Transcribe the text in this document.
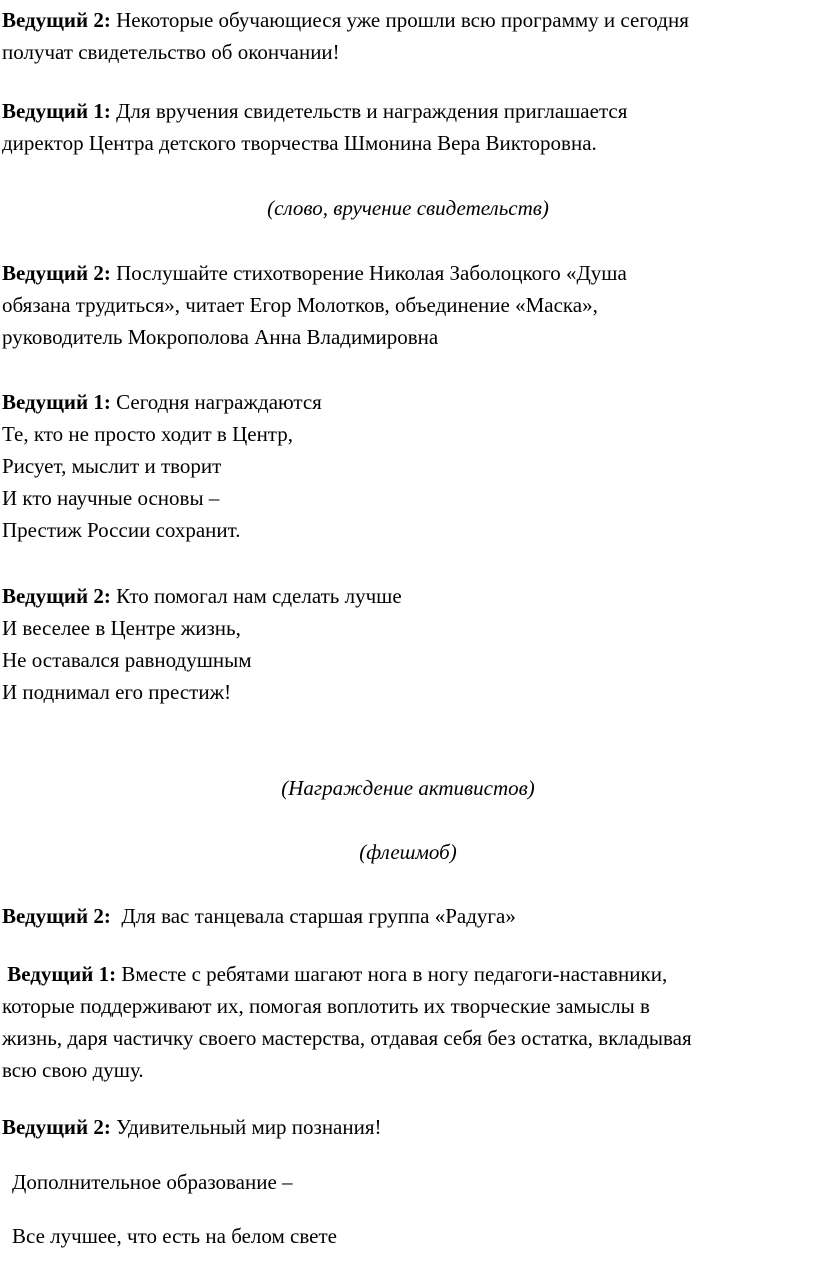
Ведущий 2: Некоторые обучающиеся уже прошли всю программу и сегодня
получат свидетельство об окончании!

Ведущий 1: Для вручения свидетельств и награждения приглашается
директор Центра детского творчества Шмонина Вера Викторовна.

(слово, вручение свидетельств)

Ведущий 2: Послушайте стихотворение Николая Заболоцкого «Душа
обязана трудиться», читает Егор Молотков, объединение «Маска»,
руководитель Мокрополова Анна Владимировна

Ведущий 1: Сегодня награждаются
Те, кто не просто ходит в Центр,
Рисует, мыслит и творит
И кто научные основы –
Престиж России сохранит.

Ведущий 2: Кто помогал нам сделать лучше
И веселее в Центре жизнь,
Не оставался равнодушным
И поднимал его престиж!

(Награждение активистов)

(флешмоб)

Ведущий 2:  Для вас танцевала старшая группа «Радуга»

Ведущий 1: Вместе с ребятами шагают нога в ногу педагоги-наставники,
которые поддерживают их, помогая воплотить их творческие замыслы в
жизнь, даря частичку своего мастерства, отдавая себя без остатка, вкладывая
всю свою душу.

Ведущий 2: Удивительный мир познания!

Дополнительное образование –

Все лучшее, что есть на белом свете
